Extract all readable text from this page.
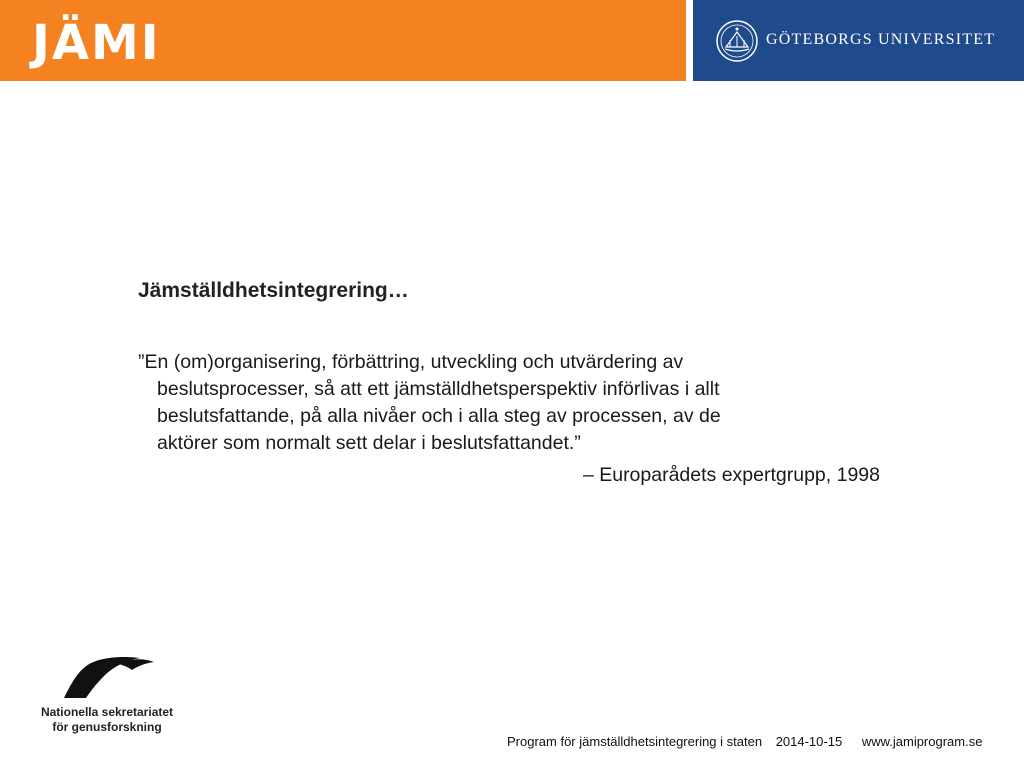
JÄMI	GÖTEBORGS UNIVERSITET
Jämställdhetsintegrering…
”En (om)organisering, förbättring, utveckling och utvärdering av
beslutsprocesser, så att ett jämställdhetsperspektiv införlivas i allt
beslutsfattande, på alla nivåer och i alla steg av processen, av de
aktörer som normalt sett delar i beslutsfattandet.”
– Europarådets expertgrupp, 1998
Nationella sekretariatet
för genusforskning
Program för jämställdhetsintegrering i staten 2014-10-15 www.jamiprogram.se
